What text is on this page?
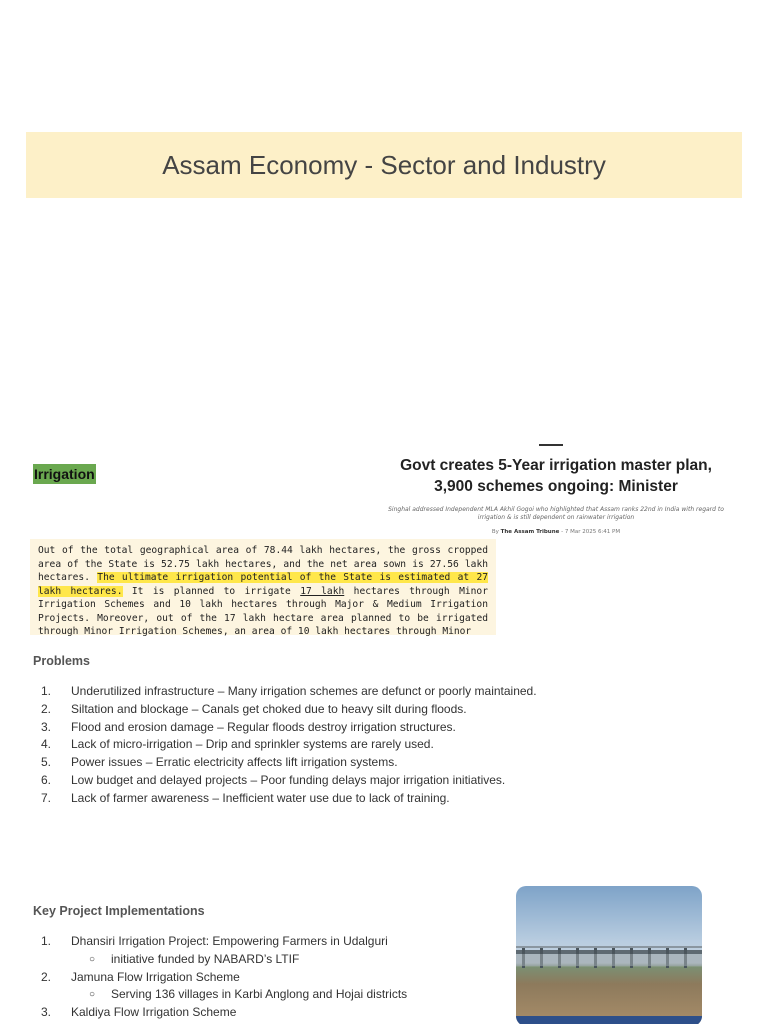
Assam Economy - Sector and Industry
Irrigation	Govt creates 5-Year irrigation master plan,
3,900 schemes ongoing: Minister
Singhal addressed Independent MLA Akhil Gogoi who highlighted that Assam ranks 22nd in India with regard to irrigation & is still dependent on rainwater irrigation
By The Assam Tribune - 7 Mar 2025 6:41 PM
Out of the total geographical area of 78.44 lakh hectares, the gross cropped area of the State is 52.75 lakh hectares, and the net area sown is 27.56 lakh hectares. The ultimate irrigation potential of the State is estimated at 27 lakh hectares. It is planned to irrigate 17 lakh hectares through Minor Irrigation Schemes and 10 lakh hectares through Major & Medium Irrigation Projects. Moreover, out of the 17 lakh hectare area planned to be irrigated through Minor Irrigation Schemes, an area of 10 lakh hectares through Minor
Problems
1.	Underutilized infrastructure – Many irrigation schemes are defunct or poorly maintained.
2.	Siltation and blockage – Canals get choked due to heavy silt during floods.
3.	Flood and erosion damage – Regular floods destroy irrigation structures.
4.	Lack of micro-irrigation – Drip and sprinkler systems are rarely used.
5.	Power issues – Erratic electricity affects lift irrigation systems.
6.	Low budget and delayed projects – Poor funding delays major irrigation initiatives.
7.	Lack of farmer awareness – Inefficient water use due to lack of training.
Key Project Implementations
1.	Dhansiri Irrigation Project: Empowering Farmers in Udalguri
○	initiative funded by NABARD’s LTIF
2.	Jamuna Flow Irrigation Scheme
○	Serving 136 villages in Karbi Anglong and Hojai districts
3.	Kaldiya Flow Irrigation Scheme
